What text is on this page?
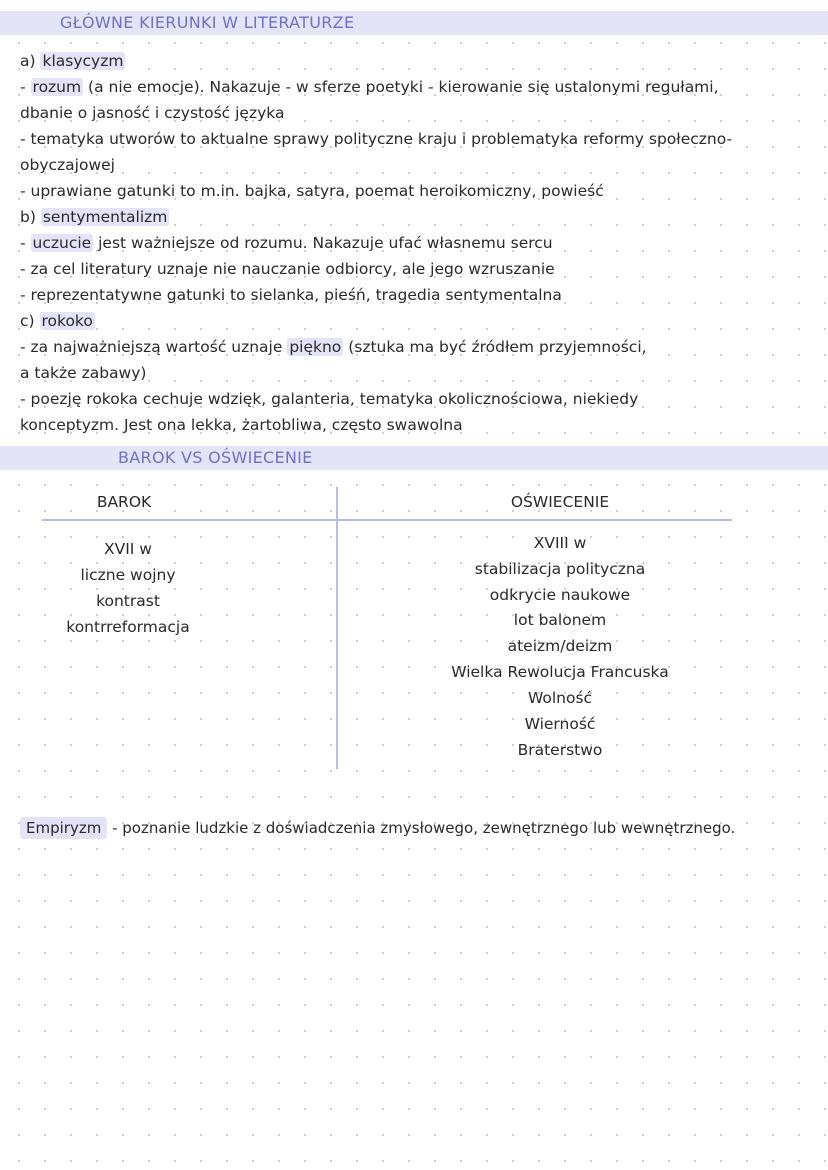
GŁÓWNE KIERUNKI W LITERATURZE
a) klasycyzm
- rozum (a nie emocje). Nakazuje - w sferze poetyki - kierowanie się ustalonymi regułami,
dbanie o jasność i czystość języka
- tematyka utworów to aktualne sprawy polityczne kraju i problematyka reformy społeczno-
obyczajowej
- uprawiane gatunki to m.in. bajka, satyra, poemat heroikomiczny, powieść
b) sentymentalizm
- uczucie jest ważniejsze od rozumu. Nakazuje ufać własnemu sercu
- za cel literatury uznaje nie nauczanie odbiorcy, ale jego wzruszanie
- reprezentatywne gatunki to sielanka, pieśń, tragedia sentymentalna
c) rokoko
- za najważniejszą wartość uznaje piękno (sztuka ma być źródłem przyjemności,
a także zabawy)
- poezję rokoka cechuje wdzięk, galanteria, tematyka okolicznościowa, niekiedy
konceptyzm. Jest ona lekka, żartobliwa, często swawolna
BAROK VS OŚWIECENIE
BAROK	OŚWIECENIE
XVII w
liczne wojny
kontrast
kontrreformacja
XVIII w
stabilizacja polityczna
odkrycie naukowe
lot balonem
ateizm/deizm
Wielka Rewolucja Francuska
Wolność
Wierność
Braterstwo
Empiryzm - poznanie ludzkie z doświadczenia zmysłowego, zewnętrznego lub wewnętrznego.
